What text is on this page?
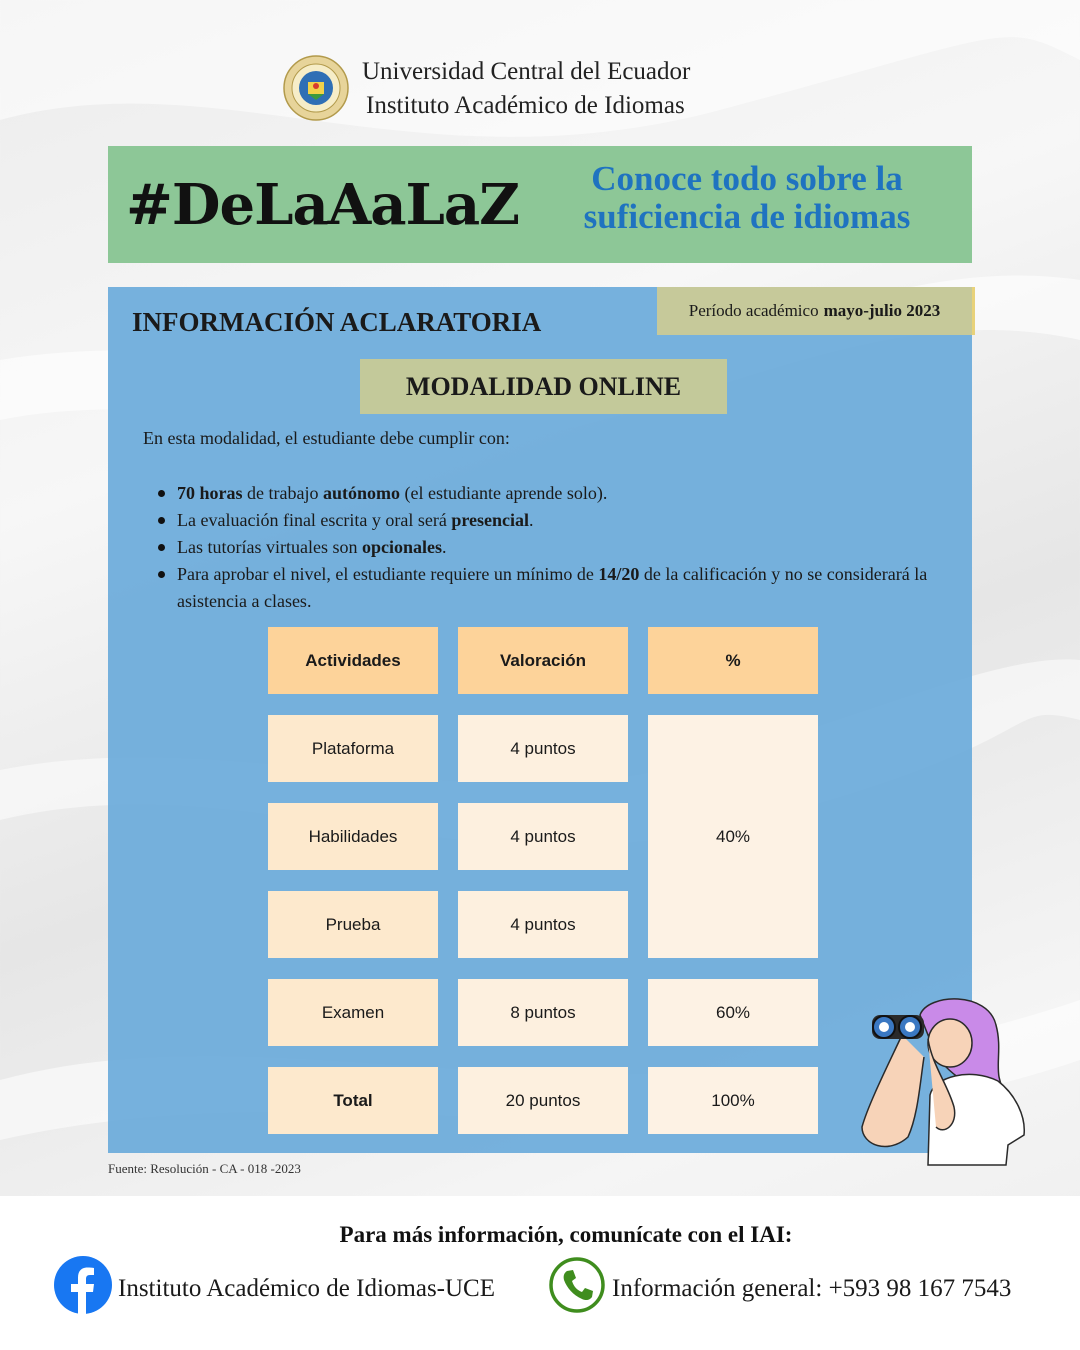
Universidad Central del Ecuador
Instituto Académico de Idiomas
#DeLaAaLaZ	Conoce todo sobre la
suficiencia de idiomas
INFORMACIÓN ACLARATORIA	Período académico mayo-julio 2023
MODALIDAD ONLINE
En esta modalidad, el estudiante debe cumplir con:
70 horas de trabajo autónomo (el estudiante aprende solo).
La evaluación final escrita y oral será presencial.
Las tutorías virtuales son opcionales.
Para aprobar el nivel, el estudiante requiere un mínimo de 14/20 de la calificación y no se considerará la asistencia a clases.
Actividades	Valoración	%
Plataforma	4 puntos
Habilidades	4 puntos
Prueba	4 puntos
40%
Examen	8 puntos	60%
Total	20 puntos	100%
Fuente: Resolución - CA - 018 -2023
Para más información, comunícate con el IAI:
Instituto Académico de Idiomas-UCE	Información general: +593 98 167 7543
